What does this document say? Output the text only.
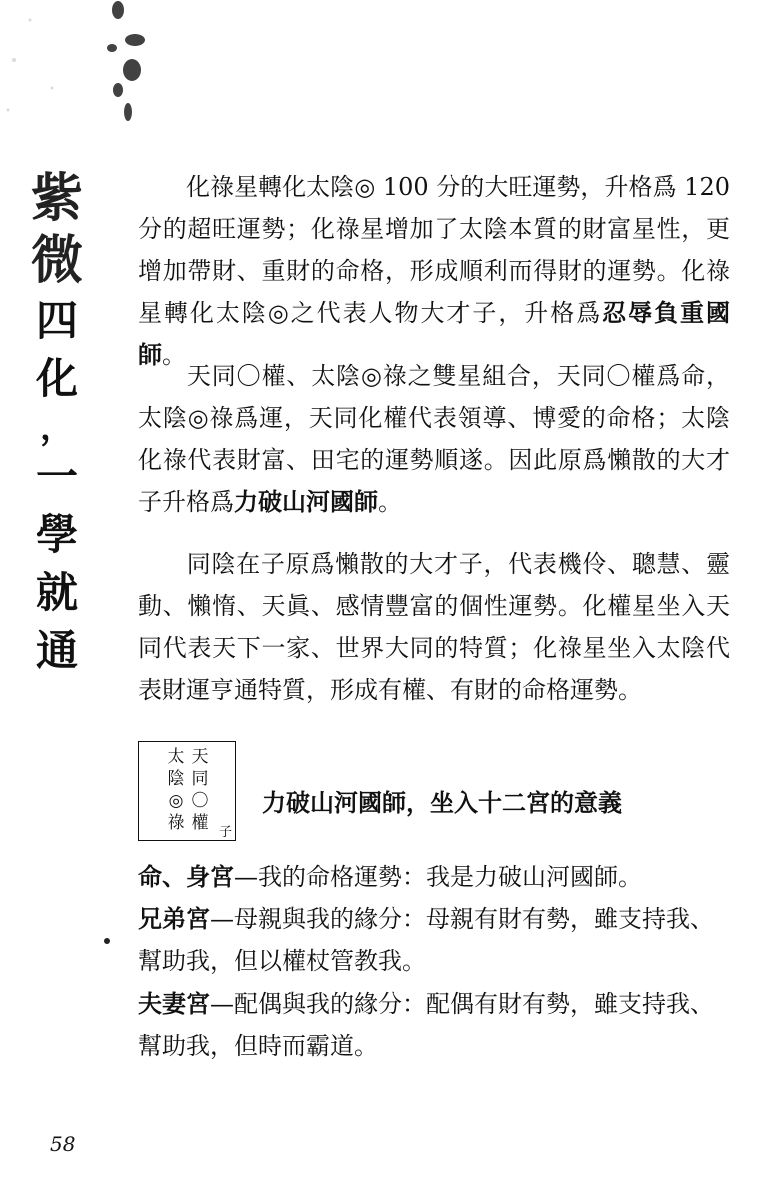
紫
微
四
化
，
一
學
就
通

化祿星轉化太陰◎ 100 分的大旺運勢，升格爲 120 分的超旺運勢；化祿星增加了太陰本質的財富星性，更增加帶財、重財的命格，形成順利而得財的運勢。化祿星轉化太陰◎之代表人物大才子，升格爲忍辱負重國師。

天同〇權、太陰◎祿之雙星組合，天同〇權爲命，太陰◎祿爲運，天同化權代表領導、博愛的命格；太陰化祿代表財富、田宅的運勢順遂。因此原爲懶散的大才子升格爲力破山河國師。

同陰在子原爲懶散的大才子，代表機伶、聰慧、靈動、懶惰、天眞、感情豐富的個性運勢。化權星坐入天同代表天下一家、世界大同的特質；化祿星坐入太陰代表財運亨通特質，形成有權、有財的命格運勢。

天
同
〇
權
太
陰
◎
祿	子
力破山河國師，坐入十二宮的意義

命、身宮—我的命格運勢：我是力破山河國師。

兄弟宮—母親與我的緣分：母親有財有勢，雖支持我、幫助我，但以權杖管教我。

夫妻宮—配偶與我的緣分：配偶有財有勢，雖支持我、幫助我，但時而霸道。

58
